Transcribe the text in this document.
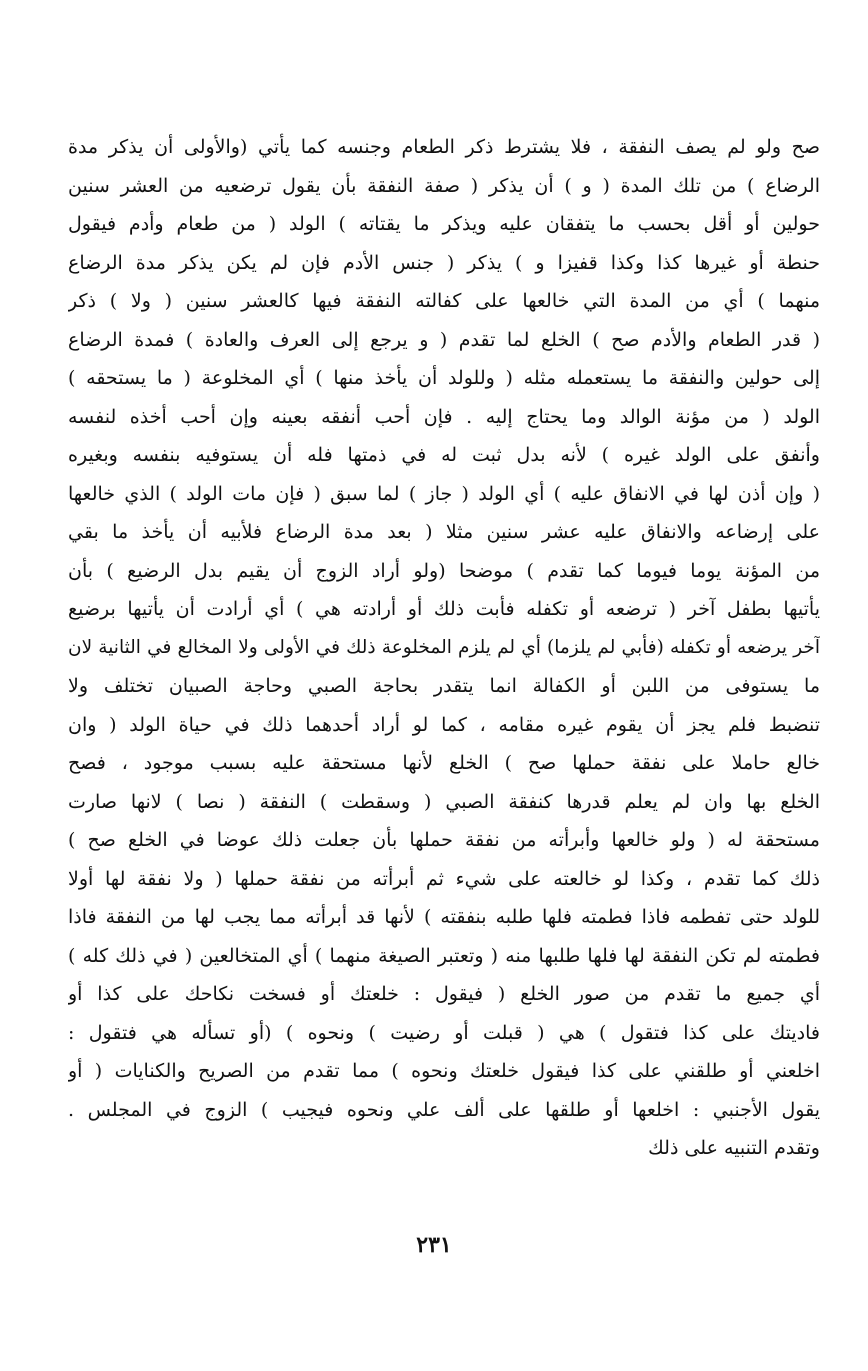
صح ولو لم يصف النفقة ، فلا يشترط ذكر الطعام وجنسه كما يأتي (والأولى أن يذكر مدة
الرضاع ) من تلك المدة ( و ) أن يذكر ( صفة النفقة بأن يقول ترضعيه من العشر سنين
حولين أو أقل بحسب ما يتفقان عليه ويذكر ما يقتاته ) الولد ( من طعام وأدم فيقول
حنطة أو غيرها كذا وكذا قفيزا و ) يذكر ( جنس الأدم فإن لم يكن يذكر مدة الرضاع
منهما ) أي من المدة التي خالعها على كفالته النفقة فيها كالعشر سنين ( ولا ) ذكر
( قدر الطعام والأدم صح ) الخلع لما تقدم ( و يرجع إلى العرف والعادة ) فمدة الرضاع
إلى حولين والنفقة ما يستعمله مثله ( وللولد أن يأخذ منها ) أي المخلوعة ( ما يستحقه )
الولد ( من مؤنة الوالد وما يحتاج إليه . فإن أحب أنفقه بعينه وإن أحب أخذه لنفسه
وأنفق على الولد غيره ) لأنه بدل ثبت له في ذمتها فله أن يستوفيه بنفسه وبغيره
( وإن أذن لها في الانفاق عليه ) أي الولد ( جاز ) لما سبق ( فإن مات الولد ) الذي خالعها
على إرضاعه والانفاق عليه عشر سنين مثلا ( بعد مدة الرضاع فلأبيه أن يأخذ ما بقي
من المؤنة يوما فيوما كما تقدم ) موضحا (ولو أراد الزوج أن يقيم بدل الرضيع ) بأن
يأتيها بطفل آخر ( ترضعه أو تكفله فأبت ذلك أو أرادته هي ) أي أرادت أن يأتيها برضيع
آخر يرضعه أو تكفله (فأبي لم يلزما) أي لم يلزم المخلوعة ذلك في الأولى ولا المخالع في الثانية لان
ما يستوفى من اللبن أو الكفالة انما يتقدر بحاجة الصبي وحاجة الصبيان تختلف ولا
تنضبط فلم يجز أن يقوم غيره مقامه ، كما لو أراد أحدهما ذلك في حياة الولد ( وان
خالع حاملا على نفقة حملها صح ) الخلع لأنها مستحقة عليه بسبب موجود ، فصح
الخلع بها وان لم يعلم قدرها كنفقة الصبي ( وسقطت ) النفقة ( نصا ) لانها صارت
مستحقة له ( ولو خالعها وأبرأته من نفقة حملها بأن جعلت ذلك عوضا في الخلع صح )
ذلك كما تقدم ، وكذا لو خالعته على شيء ثم أبرأته من نفقة حملها ( ولا نفقة لها أولا
للولد حتى تفطمه فاذا فطمته فلها طلبه بنفقته ) لأنها قد أبرأته مما يجب لها من النفقة فاذا
فطمته لم تكن النفقة لها فلها طلبها منه ( وتعتبر الصيغة منهما ) أي المتخالعين ( في ذلك كله )
أي جميع ما تقدم من صور الخلع ( فيقول : خلعتك أو فسخت نكاحك على كذا أو
فاديتك على كذا فتقول ) هي ( قبلت أو رضيت ) ونحوه ) (أو تسأله هي فتقول :
اخلعني أو طلقني على كذا فيقول خلعتك ونحوه ) مما تقدم من الصريح والكنايات ( أو
يقول الأجنبي : اخلعها أو طلقها على ألف علي ونحوه فيجيب ) الزوج في المجلس .
وتقدم التنبيه على ذلك
٢٣١
